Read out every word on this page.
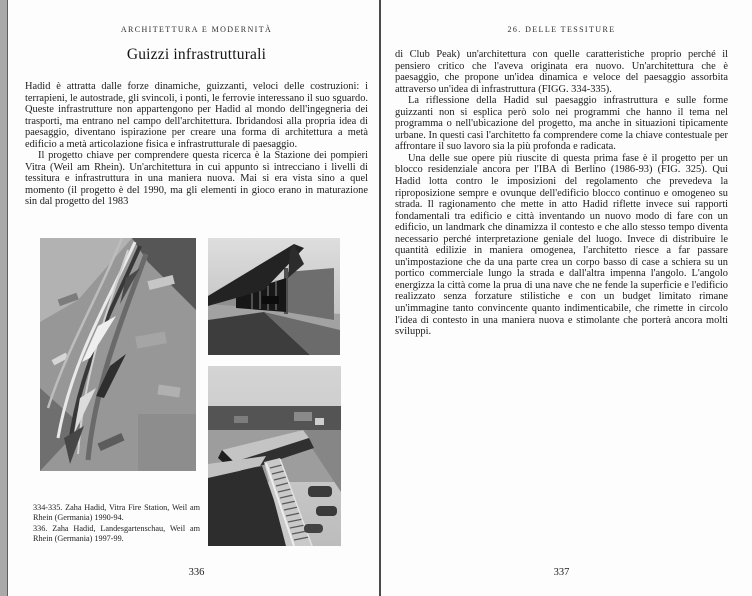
ARCHITETTURA E MODERNITÀ
Guizzi infrastrutturali

Hadid è attratta dalle forze dinamiche, guizzanti, veloci delle costruzioni: i terrapieni, le autostrade, gli svincoli, i ponti, le ferrovie interessano il suo sguardo. Queste infrastrutture non appartengono per Hadid al mondo dell'ingegneria dei trasporti, ma entrano nel campo dell'architettura. Ibridandosi alla propria idea di paesaggio, diventano ispirazione per creare una forma di architettura a metà edificio a metà articolazione fisica e infrastrutturale di paesaggio.

Il progetto chiave per comprendere questa ricerca è la Stazione dei pompieri Vitra (Weil am Rhein). Un'architettura in cui appunto si intrecciano i livelli di tessitura e infrastruttura in una maniera nuova. Mai si era vista sino a quel momento (il progetto è del 1990, ma gli elementi in gioco erano in maturazione sin dal progetto del 1983

334-335. Zaha Hadid, Vitra Fire Station, Weil am Rhein (Germania) 1990-94.

336. Zaha Hadid, Landesgartenschau, Weil am Rhein (Germania) 1997-99.

336
26. DELLE TESSITURE

di Club Peak) un'architettura con quelle caratteristiche proprio perché il pensiero critico che l'aveva originata era nuovo. Un'architettura che è paesaggio, che propone un'idea dinamica e veloce del paesaggio assorbita attraverso un'idea di infrastruttura (FIGG. 334-335).

La riflessione della Hadid sul paesaggio infrastruttura e sulle forme guizzanti non si esplica però solo nei programmi che hanno il tema nel programma o nell'ubicazione del progetto, ma anche in situazioni tipicamente urbane. In questi casi l'architetto fa comprendere come la chiave contestuale per affrontare il suo lavoro sia la più profonda e radicata.

Una delle sue opere più riuscite di questa prima fase è il progetto per un blocco residenziale ancora per l'IBA di Berlino (1986-93) (FIG. 325). Qui Hadid lotta contro le imposizioni del regolamento che prevedeva la riproposizione sempre e ovunque dell'edificio blocco continuo e omogeneo su strada. Il ragionamento che mette in atto Hadid riflette invece sui rapporti fondamentali tra edificio e città inventando un nuovo modo di fare con un edificio, un landmark che dinamizza il contesto e che allo stesso tempo diventa necessario perché interpretazione geniale del luogo. Invece di distribuire le quantità edilizie in maniera omogenea, l'architetto riesce a far passare un'impostazione che da una parte crea un corpo basso di case a schiera su un portico commerciale lungo la strada e dall'altra impenna l'angolo. L'angolo energizza la città come la prua di una nave che ne fende la superficie e l'edificio realizzato senza forzature stilistiche e con un budget limitato rimane un'immagine tanto convincente quanto indimenticabile, che rimette in circolo l'idea di contesto in una maniera nuova e stimolante che porterà ancora molti sviluppi.

337
